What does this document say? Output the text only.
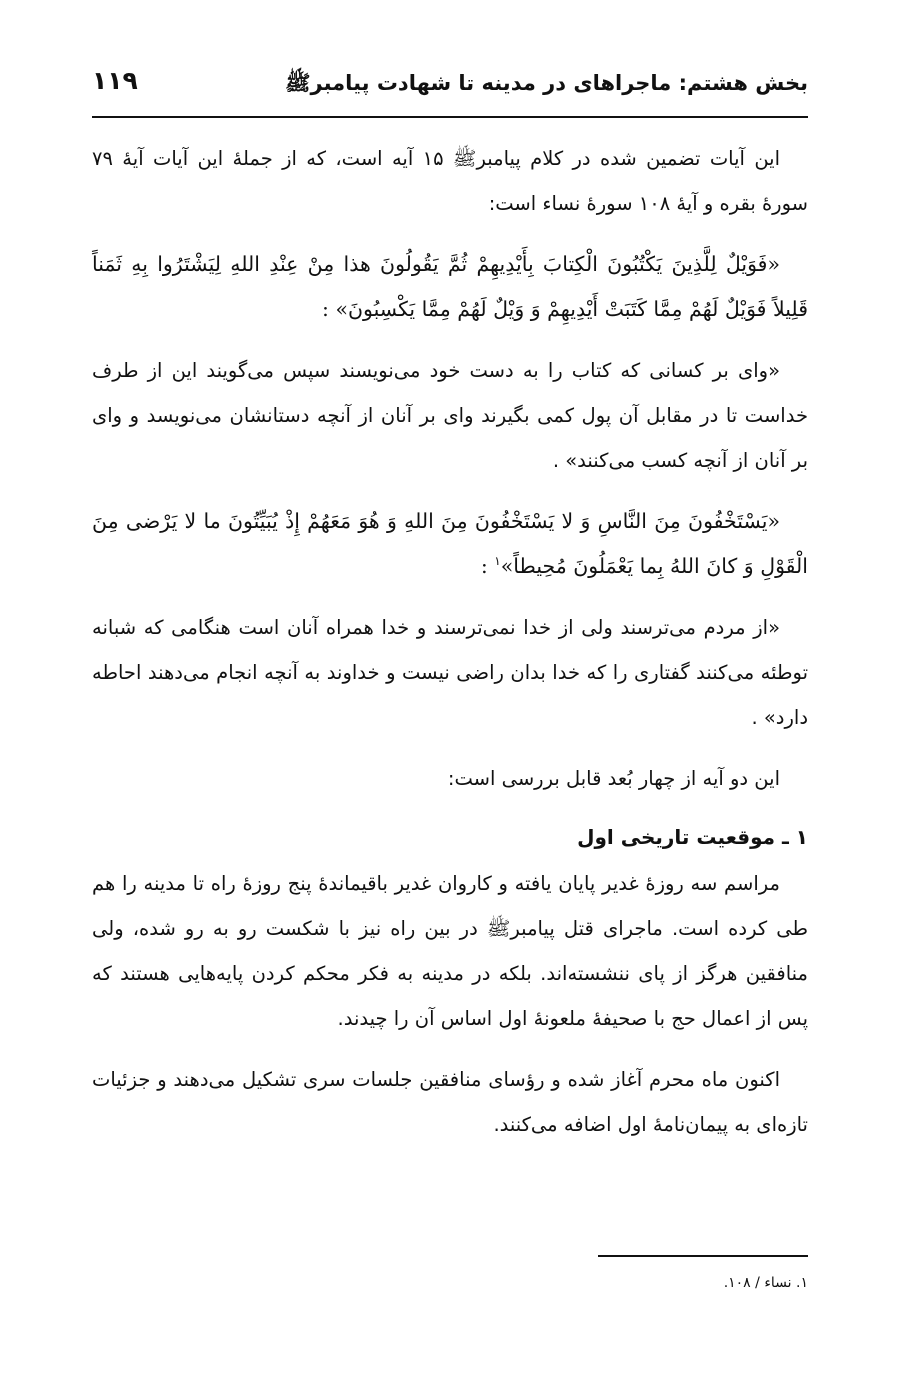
بخش هشتم: ماجراهای در مدینه تا شهادت پیامبرﷺ
۱۱۹

این آیات تضمین شده در کلام پیامبرﷺ ۱۵ آیه است، که از جملهٔ این آیات آیهٔ ۷۹ سورهٔ بقره و آیهٔ ۱۰۸ سورهٔ نساء است:

«فَوَيْلٌ لِلَّذِينَ يَكْتُبُونَ الْكِتابَ بِأَيْدِيهِمْ ثُمَّ يَقُولُونَ هذا مِنْ عِنْدِ اللهِ لِيَشْتَرُوا بِهِ ثَمَناً قَلِيلاً فَوَيْلٌ لَهُمْ مِمَّا كَتَبَتْ أَيْدِيهِمْ وَ وَيْلٌ لَهُمْ مِمَّا يَكْسِبُونَ» :

«وای بر کسانی که کتاب را به دست خود می‌نویسند سپس می‌گویند این از طرف خداست تا در مقابل آن پول کمی بگیرند وای بر آنان از آنچه دستانشان می‌نویسد و وای بر آنان از آنچه کسب می‌کنند» .

«يَسْتَخْفُونَ مِنَ النَّاسِ وَ لا يَسْتَخْفُونَ مِنَ اللهِ وَ هُوَ مَعَهُمْ إِذْ يُبَيِّتُونَ ما لا يَرْضى مِنَ الْقَوْلِ وَ كانَ اللهُ بِما يَعْمَلُونَ مُحِيطاً»$^۱$ :

«از مردم می‌ترسند ولی از خدا نمی‌ترسند و خدا همراه آنان است هنگامی که شبانه توطئه می‌کنند گفتاری را که خدا بدان راضی نیست و خداوند به آنچه انجام می‌دهند احاطه دارد» .

این دو آیه از چهار بُعد قابل بررسی است:

۱ ـ موقعیت تاریخی اول

مراسم سه روزهٔ غدیر پایان یافته و کاروان غدیر باقیماندهٔ پنج روزهٔ راه تا مدینه را هم طی کرده است. ماجرای قتل پیامبرﷺ در بین راه نیز با شکست رو به رو شده، ولی منافقین هرگز از پای ننشسته‌اند. بلکه در مدینه به فکر محکم کردن پایه‌هایی هستند که پس از اعمال حج با صحیفهٔ ملعونهٔ اول اساس آن را چیدند.

اکنون ماه محرم آغاز شده و رؤسای منافقین جلسات سری تشکیل می‌دهند و جزئیات تازه‌ای به پیمان‌نامهٔ اول اضافه می‌کنند.

۱. نساء / ۱۰۸.
